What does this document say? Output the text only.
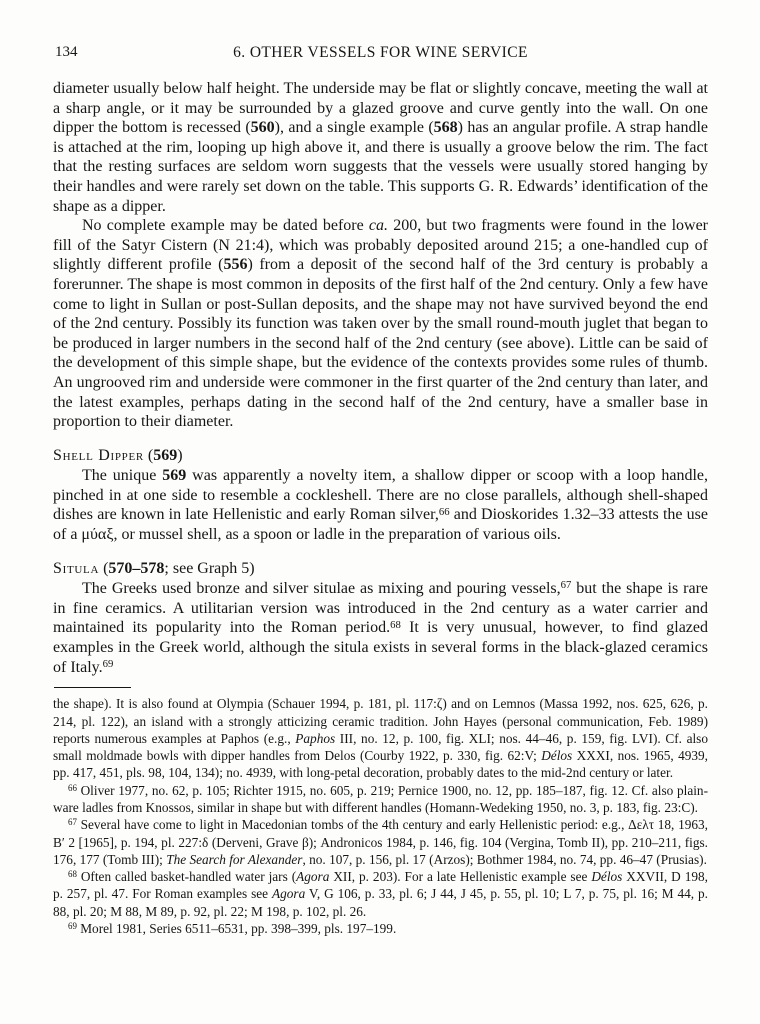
134	6. OTHER VESSELS FOR WINE SERVICE
diameter usually below half height. The underside may be flat or slightly concave, meeting the wall at a sharp angle, or it may be surrounded by a glazed groove and curve gently into the wall. On one dipper the bottom is recessed (560), and a single example (568) has an angular profile. A strap handle is attached at the rim, looping up high above it, and there is usually a groove below the rim. The fact that the resting surfaces are seldom worn suggests that the vessels were usually stored hanging by their handles and were rarely set down on the table. This supports G. R. Edwards’ identification of the shape as a dipper.
No complete example may be dated before ca. 200, but two fragments were found in the lower fill of the Satyr Cistern (N 21:4), which was probably deposited around 215; a one-handled cup of slightly different profile (556) from a deposit of the second half of the 3rd century is probably a forerunner. The shape is most common in deposits of the first half of the 2nd century. Only a few have come to light in Sullan or post-Sullan deposits, and the shape may not have survived beyond the end of the 2nd century. Possibly its function was taken over by the small round-mouth juglet that began to be produced in larger numbers in the second half of the 2nd century (see above). Little can be said of the development of this simple shape, but the evidence of the contexts provides some rules of thumb. An ungrooved rim and underside were commoner in the first quarter of the 2nd century than later, and the latest examples, perhaps dating in the second half of the 2nd century, have a smaller base in proportion to their diameter.
Shell Dipper (569)
The unique 569 was apparently a novelty item, a shallow dipper or scoop with a loop handle, pinched in at one side to resemble a cockleshell. There are no close parallels, although shell-shaped dishes are known in late Hellenistic and early Roman silver,$^{66}$ and Dioskorides 1.32–33 attests the use of a μύαξ, or mussel shell, as a spoon or ladle in the preparation of various oils.
Situla (570–578; see Graph 5)
The Greeks used bronze and silver situlae as mixing and pouring vessels,$^{67}$ but the shape is rare in fine ceramics. A utilitarian version was introduced in the 2nd century as a water carrier and maintained its popularity into the Roman period.$^{68}$ It is very unusual, however, to find glazed examples in the Greek world, although the situla exists in several forms in the black-glazed ceramics of Italy.$^{69}$
the shape). It is also found at Olympia (Schauer 1994, p. 181, pl. 117:ζ) and on Lemnos (Massa 1992, nos. 625, 626, p. 214, pl. 122), an island with a strongly atticizing ceramic tradition. John Hayes (personal communication, Feb. 1989) reports numerous examples at Paphos (e.g., Paphos III, no. 12, p. 100, fig. XLI; nos. 44–46, p. 159, fig. LVI). Cf. also small moldmade bowls with dipper handles from Delos (Courby 1922, p. 330, fig. 62:V; Délos XXXI, nos. 1965, 4939, pp. 417, 451, pls. 98, 104, 134); no. 4939, with long-petal decoration, probably dates to the mid-2nd century or later.
$^{66}$ Oliver 1977, no. 62, p. 105; Richter 1915, no. 605, p. 219; Pernice 1900, no. 12, pp. 185–187, fig. 12. Cf. also plain-ware ladles from Knossos, similar in shape but with different handles (Homann-Wedeking 1950, no. 3, p. 183, fig. 23:C).
$^{67}$ Several have come to light in Macedonian tombs of the 4th century and early Hellenistic period: e.g., Δελτ 18, 1963, Β′ 2 [1965], p. 194, pl. 227:δ (Derveni, Grave β); Andronicos 1984, p. 146, fig. 104 (Vergina, Tomb II), pp. 210–211, figs. 176, 177 (Tomb III); The Search for Alexander, no. 107, p. 156, pl. 17 (Arzos); Bothmer 1984, no. 74, pp. 46–47 (Prusias).
$^{68}$ Often called basket-handled water jars (Agora XII, p. 203). For a late Hellenistic example see Délos XXVII, D 198, p. 257, pl. 47. For Roman examples see Agora V, G 106, p. 33, pl. 6; J 44, J 45, p. 55, pl. 10; L 7, p. 75, pl. 16; M 44, p. 88, pl. 20; M 88, M 89, p. 92, pl. 22; M 198, p. 102, pl. 26.
$^{69}$ Morel 1981, Series 6511–6531, pp. 398–399, pls. 197–199.
